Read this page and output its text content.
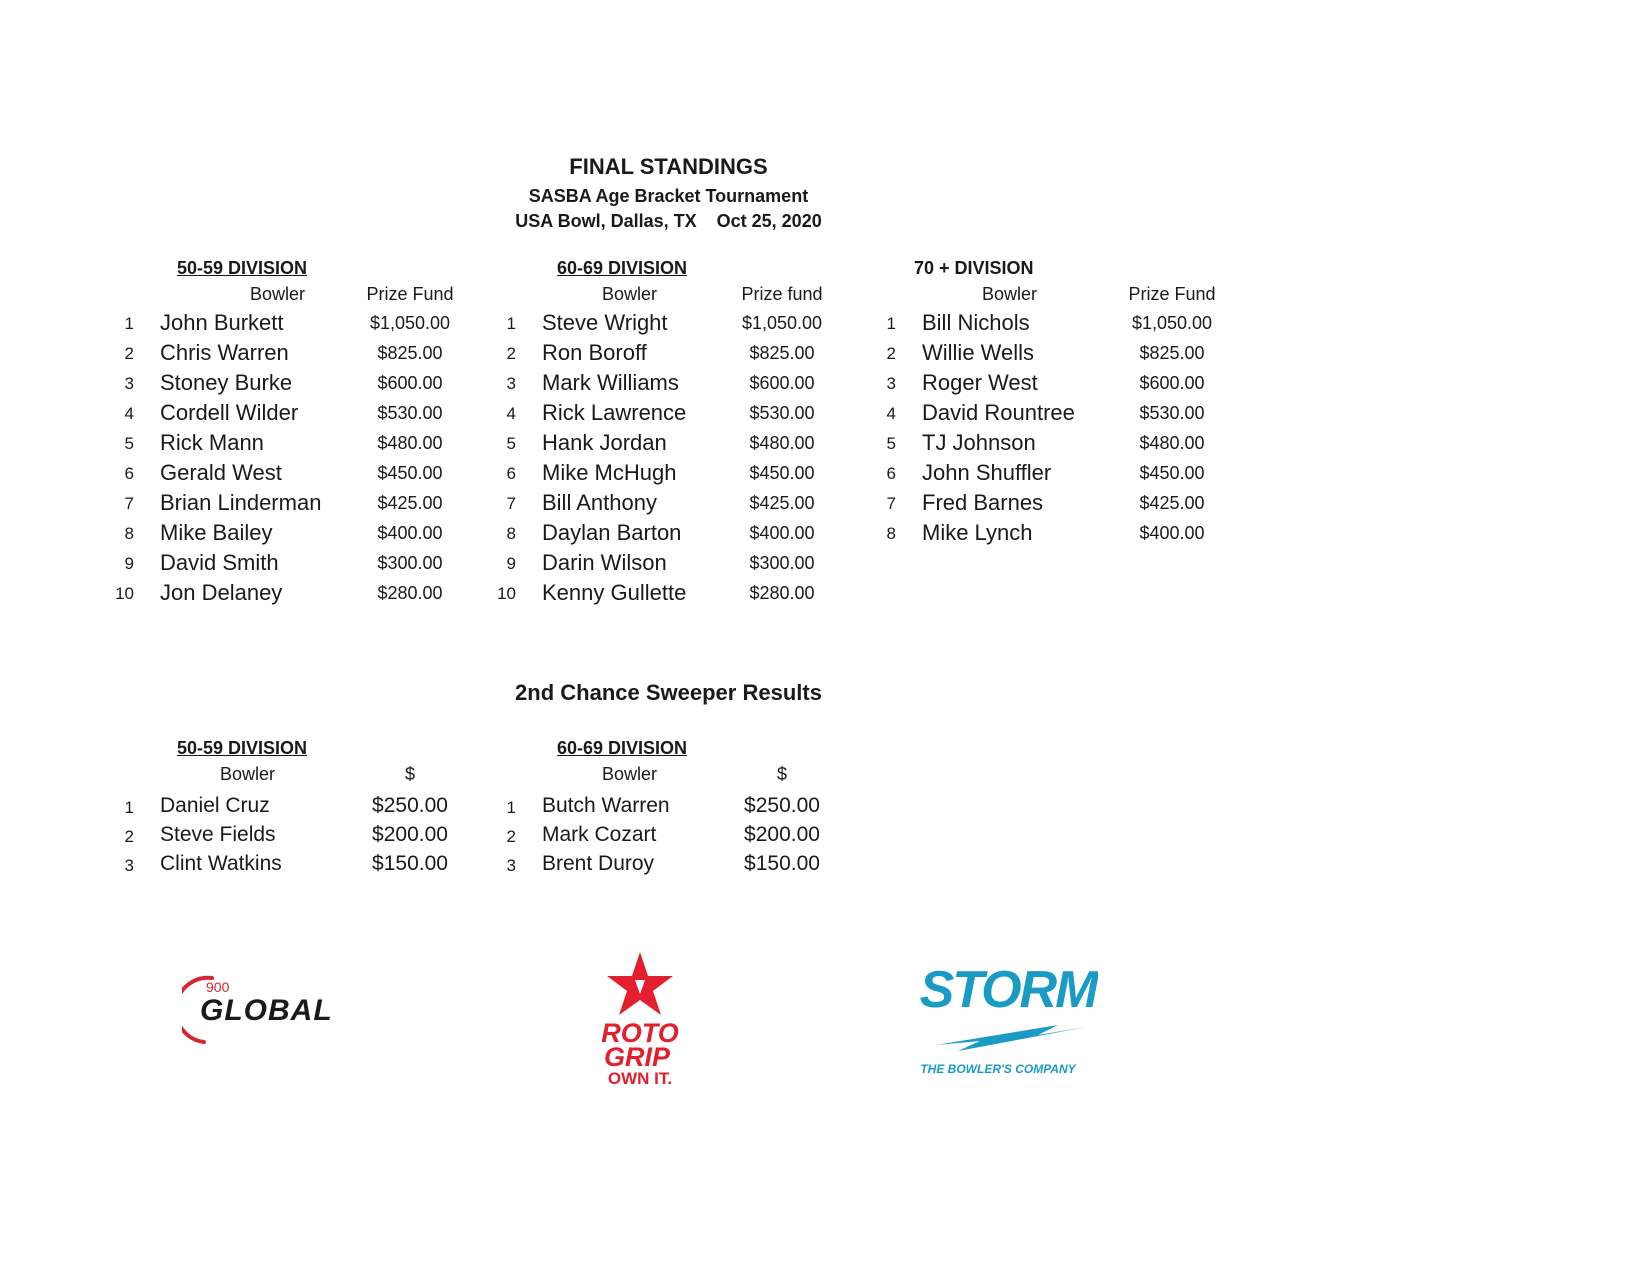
FINAL STANDINGS
SASBA Age Bracket Tournament
USA Bowl, Dallas, TX    Oct 25, 2020
50-59 DIVISION
Bowler	Prize Fund
1 John Burkett	$1,050.00
2 Chris Warren	$825.00
3 Stoney Burke	$600.00
4 Cordell Wilder	$530.00
5 Rick Mann	$480.00
6 Gerald West	$450.00
7 Brian Linderman	$425.00
8 Mike Bailey	$400.00
9 David Smith	$300.00
10 Jon Delaney	$280.00
60-69 DIVISION
Bowler	Prize fund
1 Steve Wright	$1,050.00
2 Ron Boroff	$825.00
3 Mark Williams	$600.00
4 Rick Lawrence	$530.00
5 Hank Jordan	$480.00
6 Mike McHugh	$450.00
7 Bill Anthony	$425.00
8 Daylan Barton	$400.00
9 Darin Wilson	$300.00
10 Kenny Gullette	$280.00
70 + DIVISION
Bowler	Prize Fund
1 Bill Nichols	$1,050.00
2 Willie Wells	$825.00
3 Roger West	$600.00
4 David Rountree	$530.00
5 TJ Johnson	$480.00
6 John Shuffler	$450.00
7 Fred Barnes	$425.00
8 Mike Lynch	$400.00
2nd Chance Sweeper Results
50-59 DIVISION
Bowler	$
1 Daniel Cruz	$250.00
2 Steve Fields	$200.00
3 Clint Watkins	$150.00
60-69 DIVISION
Bowler	$
1 Butch Warren	$250.00
2 Mark Cozart	$200.00
3 Brent Duroy	$150.00
900
GLOBAL
ROTO
GRIP
OWN IT.
STORM
THE BOWLER'S COMPANY
